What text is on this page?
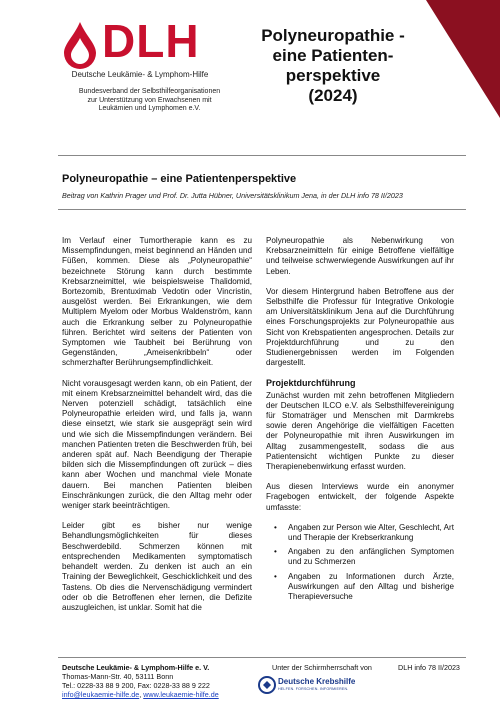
DLH
Deutsche Leukämie- & Lymphom-Hilfe
Bundesverband der Selbsthilfeorganisationen
zur Unterstützung von Erwachsenen mit
Leukämien und Lymphomen e.V.
Polyneuropathie -
eine Patienten-
perspektive
(2024)
Polyneuropathie – eine Patientenperspektive
Beitrag von Kathrin Prager und Prof. Dr. Jutta Hübner, Universitätsklinikum Jena, in der DLH info 78 II/2023

Im Verlauf einer Tumortherapie kann es zu Missempfindungen, meist beginnend an Händen und Füßen, kommen. Diese als „Polyneuropathie“ bezeichnete Störung kann durch bestimmte Krebsarzneimittel, wie beispielsweise Thalidomid, Bortezomib, Brentuximab Vedotin oder Vincristin, ausgelöst werden. Bei Erkrankungen, wie dem Multiplem Myelom oder Morbus Waldenström, kann auch die Erkrankung selber zu Polyneuropathie führen. Berichtet wird seitens der Patienten von Symptomen wie Taubheit bei Berührung von Gegenständen, „Ameisenkribbeln“ oder schmerzhafter Berührungsempfindlichkeit.

Nicht vorausgesagt werden kann, ob ein Patient, der mit einem Krebsarzneimittel behandelt wird, das die Nerven potenziell schädigt, tatsächlich eine Polyneuropathie erleiden wird, und falls ja, wann diese einsetzt, wie stark sie ausgeprägt sein wird und wie sich die Missempfindungen verändern. Bei manchen Patienten treten die Beschwerden früh, bei anderen spät auf. Nach Beendigung der Therapie bilden sich die Missempfindungen oft zurück – dies kann aber Wochen und manchmal viele Monate dauern. Bei manchen Patienten bleiben Einschränkungen zurück, die den Alltag mehr oder weniger stark beeinträchtigen.

Leider gibt es bisher nur wenige Behandlungsmöglichkeiten für dieses Beschwerdebild. Schmerzen können mit entsprechenden Medikamenten symptomatisch behandelt werden. Zu denken ist auch an ein Training der Beweglichkeit, Geschicklichkeit und des Tastens. Ob dies die Nervenschädigung vermindert oder ob die Betroffenen eher lernen, die Defizite auszugleichen, ist unklar. Somit hat die

Polyneuropathie als Nebenwirkung von Krebsarzneimitteln für einige Betroffene vielfältige und teilweise schwerwiegende Auswirkungen auf ihr Leben.

Vor diesem Hintergrund haben Betroffene aus der Selbsthilfe die Professur für Integrative Onkologie am Universitätsklinikum Jena auf die Durchführung eines Forschungsprojekts zur Polyneuropathie aus Sicht von Krebspatienten angesprochen. Details zur Projektdurchführung und zu den Studienergebnissen werden im Folgenden dargestellt.

Projektdurchführung

Zunächst wurden mit zehn betroffenen Mitgliedern der Deutschen ILCO e.V. als Selbsthilfevereinigung für Stomaträger und Menschen mit Darmkrebs sowie deren Angehörige die vielfältigen Facetten der Polyneuropathie mit ihren Auswirkungen im Alltag zusammengestellt, sodass die aus Patientensicht wichtigen Punkte zu dieser Therapienebenwirkung erfasst wurden.

Aus diesen Interviews wurde ein anonymer Fragebogen entwickelt, der folgende Aspekte umfasste:

• Angaben zur Person wie Alter, Geschlecht, Art und Therapie der Krebserkrankung
• Angaben zu den anfänglichen Symptomen und zu Schmerzen
• Angaben zu Informationen durch Ärzte, Auswirkungen auf den Alltag und bisherige Therapieversuche
Deutsche Leukämie- & Lymphom-Hilfe e. V.
Thomas-Mann-Str. 40, 53111 Bonn
Tel.: 0228-33 88 9 200, Fax: 0228-33 88 9 222
info@leukaemie-hilfe.de, www.leukaemie-hilfe.de
Unter der Schirmherrschaft von	DLH info 78 II/2023
Deutsche Krebshilfe
HELFEN. FORSCHEN. INFORMIEREN.
